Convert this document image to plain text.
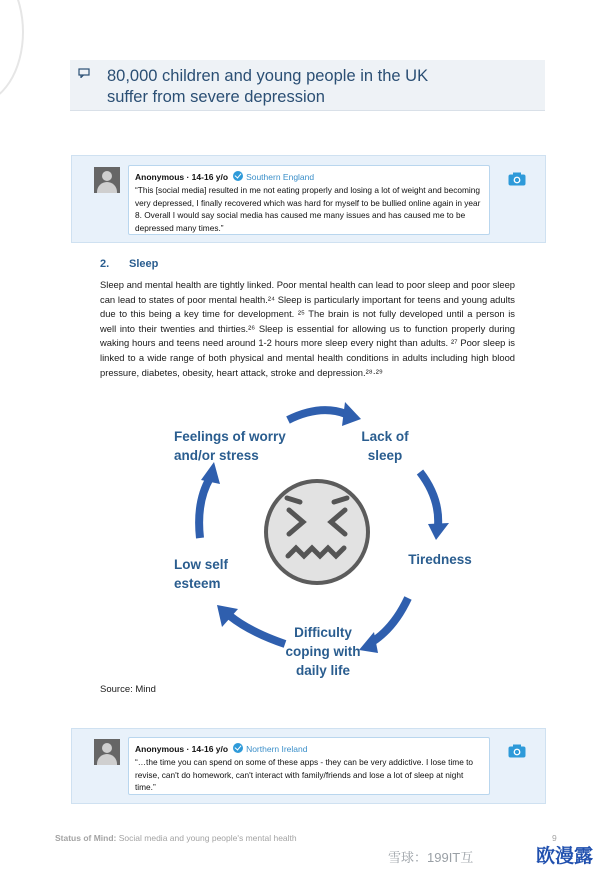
80,000 children and young people in the UK
suffer from severe depression
Anonymous · 14-16 y/o Southern England
“This [social media] resulted in me not eating properly and losing a lot of weight and becoming very depressed, I finally recovered which was hard for myself to be bullied online again in year 8. Overall I would say social media has caused me many issues and has caused me to be depressed many times.”
2. Sleep
Sleep and mental health are tightly linked. Poor mental health can lead to poor sleep and poor sleep can lead to states of poor mental health.²⁴ Sleep is particularly important for teens and young adults due to this being a key time for development. ²⁵ The brain is not fully developed until a person is well into their twenties and thirties.²⁶ Sleep is essential for allowing us to function properly during waking hours and teens need around 1-2 hours more sleep every night than adults. ²⁷ Poor sleep is linked to a wide range of both physical and mental health conditions in adults including high blood pressure, diabetes, obesity, heart attack, stroke and depression.²⁸·²⁹
Lack of
sleep
Tiredness
Difficulty
coping with
daily life
Low self
esteem
Feelings of worry
and/or stress
Source: Mind
Anonymous · 14-16 y/o Northern Ireland
“…the time you can spend on some of these apps - they can be very addictive. I lose time to revise, can't do homework, can't interact with family/friends and lose a lot of sleep at night time.”
Status of Mind: Social media and young people's mental health	9
雪球：199IT互	欧漫露
